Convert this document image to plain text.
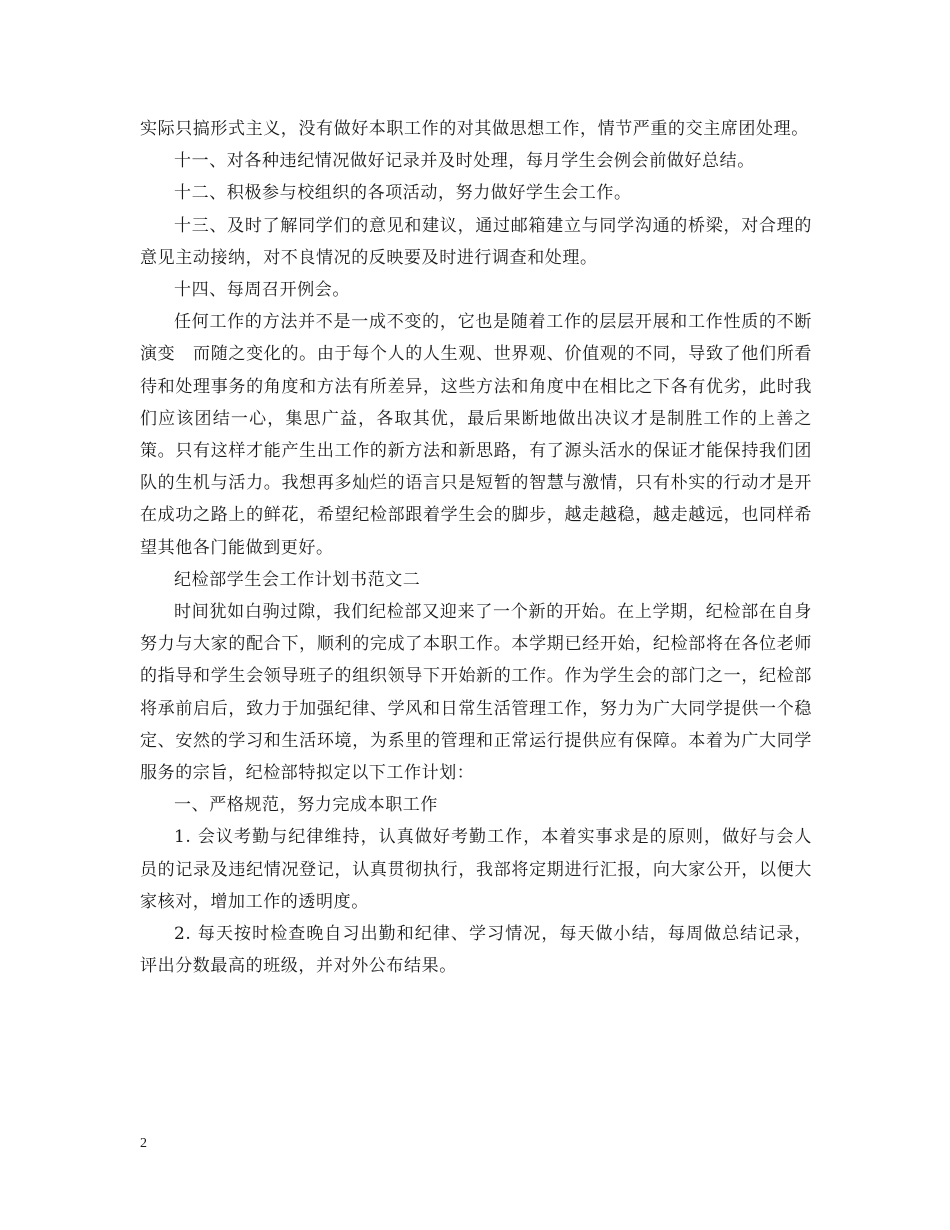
实际只搞形式主义，没有做好本职工作的对其做思想工作，情节严重的交主席团处理。

十一、对各种违纪情况做好记录并及时处理，每月学生会例会前做好总结。

十二、积极参与校组织的各项活动，努力做好学生会工作。

十三、及时了解同学们的意见和建议，通过邮箱建立与同学沟通的桥梁，对合理的意见主动接纳，对不良情况的反映要及时进行调查和处理。

十四、每周召开例会。

任何工作的方法并不是一成不变的，它也是随着工作的层层开展和工作性质的不断演变　而随之变化的。由于每个人的人生观、世界观、价值观的不同，导致了他们所看待和处理事务的角度和方法有所差异，这些方法和角度中在相比之下各有优劣，此时我们应该团结一心，集思广益，各取其优，最后果断地做出决议才是制胜工作的上善之策。只有这样才能产生出工作的新方法和新思路，有了源头活水的保证才能保持我们团队的生机与活力。我想再多灿烂的语言只是短暂的智慧与激情，只有朴实的行动才是开在成功之路上的鲜花，希望纪检部跟着学生会的脚步，越走越稳，越走越远，也同样希望其他各门能做到更好。

纪检部学生会工作计划书范文二

时间犹如白驹过隙，我们纪检部又迎来了一个新的开始。在上学期，纪检部在自身努力与大家的配合下，顺利的完成了本职工作。本学期已经开始，纪检部将在各位老师的指导和学生会领导班子的组织领导下开始新的工作。作为学生会的部门之一，纪检部将承前启后，致力于加强纪律、学风和日常生活管理工作，努力为广大同学提供一个稳定、安然的学习和生活环境，为系里的管理和正常运行提供应有保障。本着为广大同学服务的宗旨，纪检部特拟定以下工作计划：

一、严格规范，努力完成本职工作

1. 会议考勤与纪律维持，认真做好考勤工作，本着实事求是的原则，做好与会人员的记录及违纪情况登记，认真贯彻执行，我部将定期进行汇报，向大家公开，以便大家核对，增加工作的透明度。

2. 每天按时检查晚自习出勤和纪律、学习情况，每天做小结，每周做总结记录，评出分数最高的班级，并对外公布结果。

2
